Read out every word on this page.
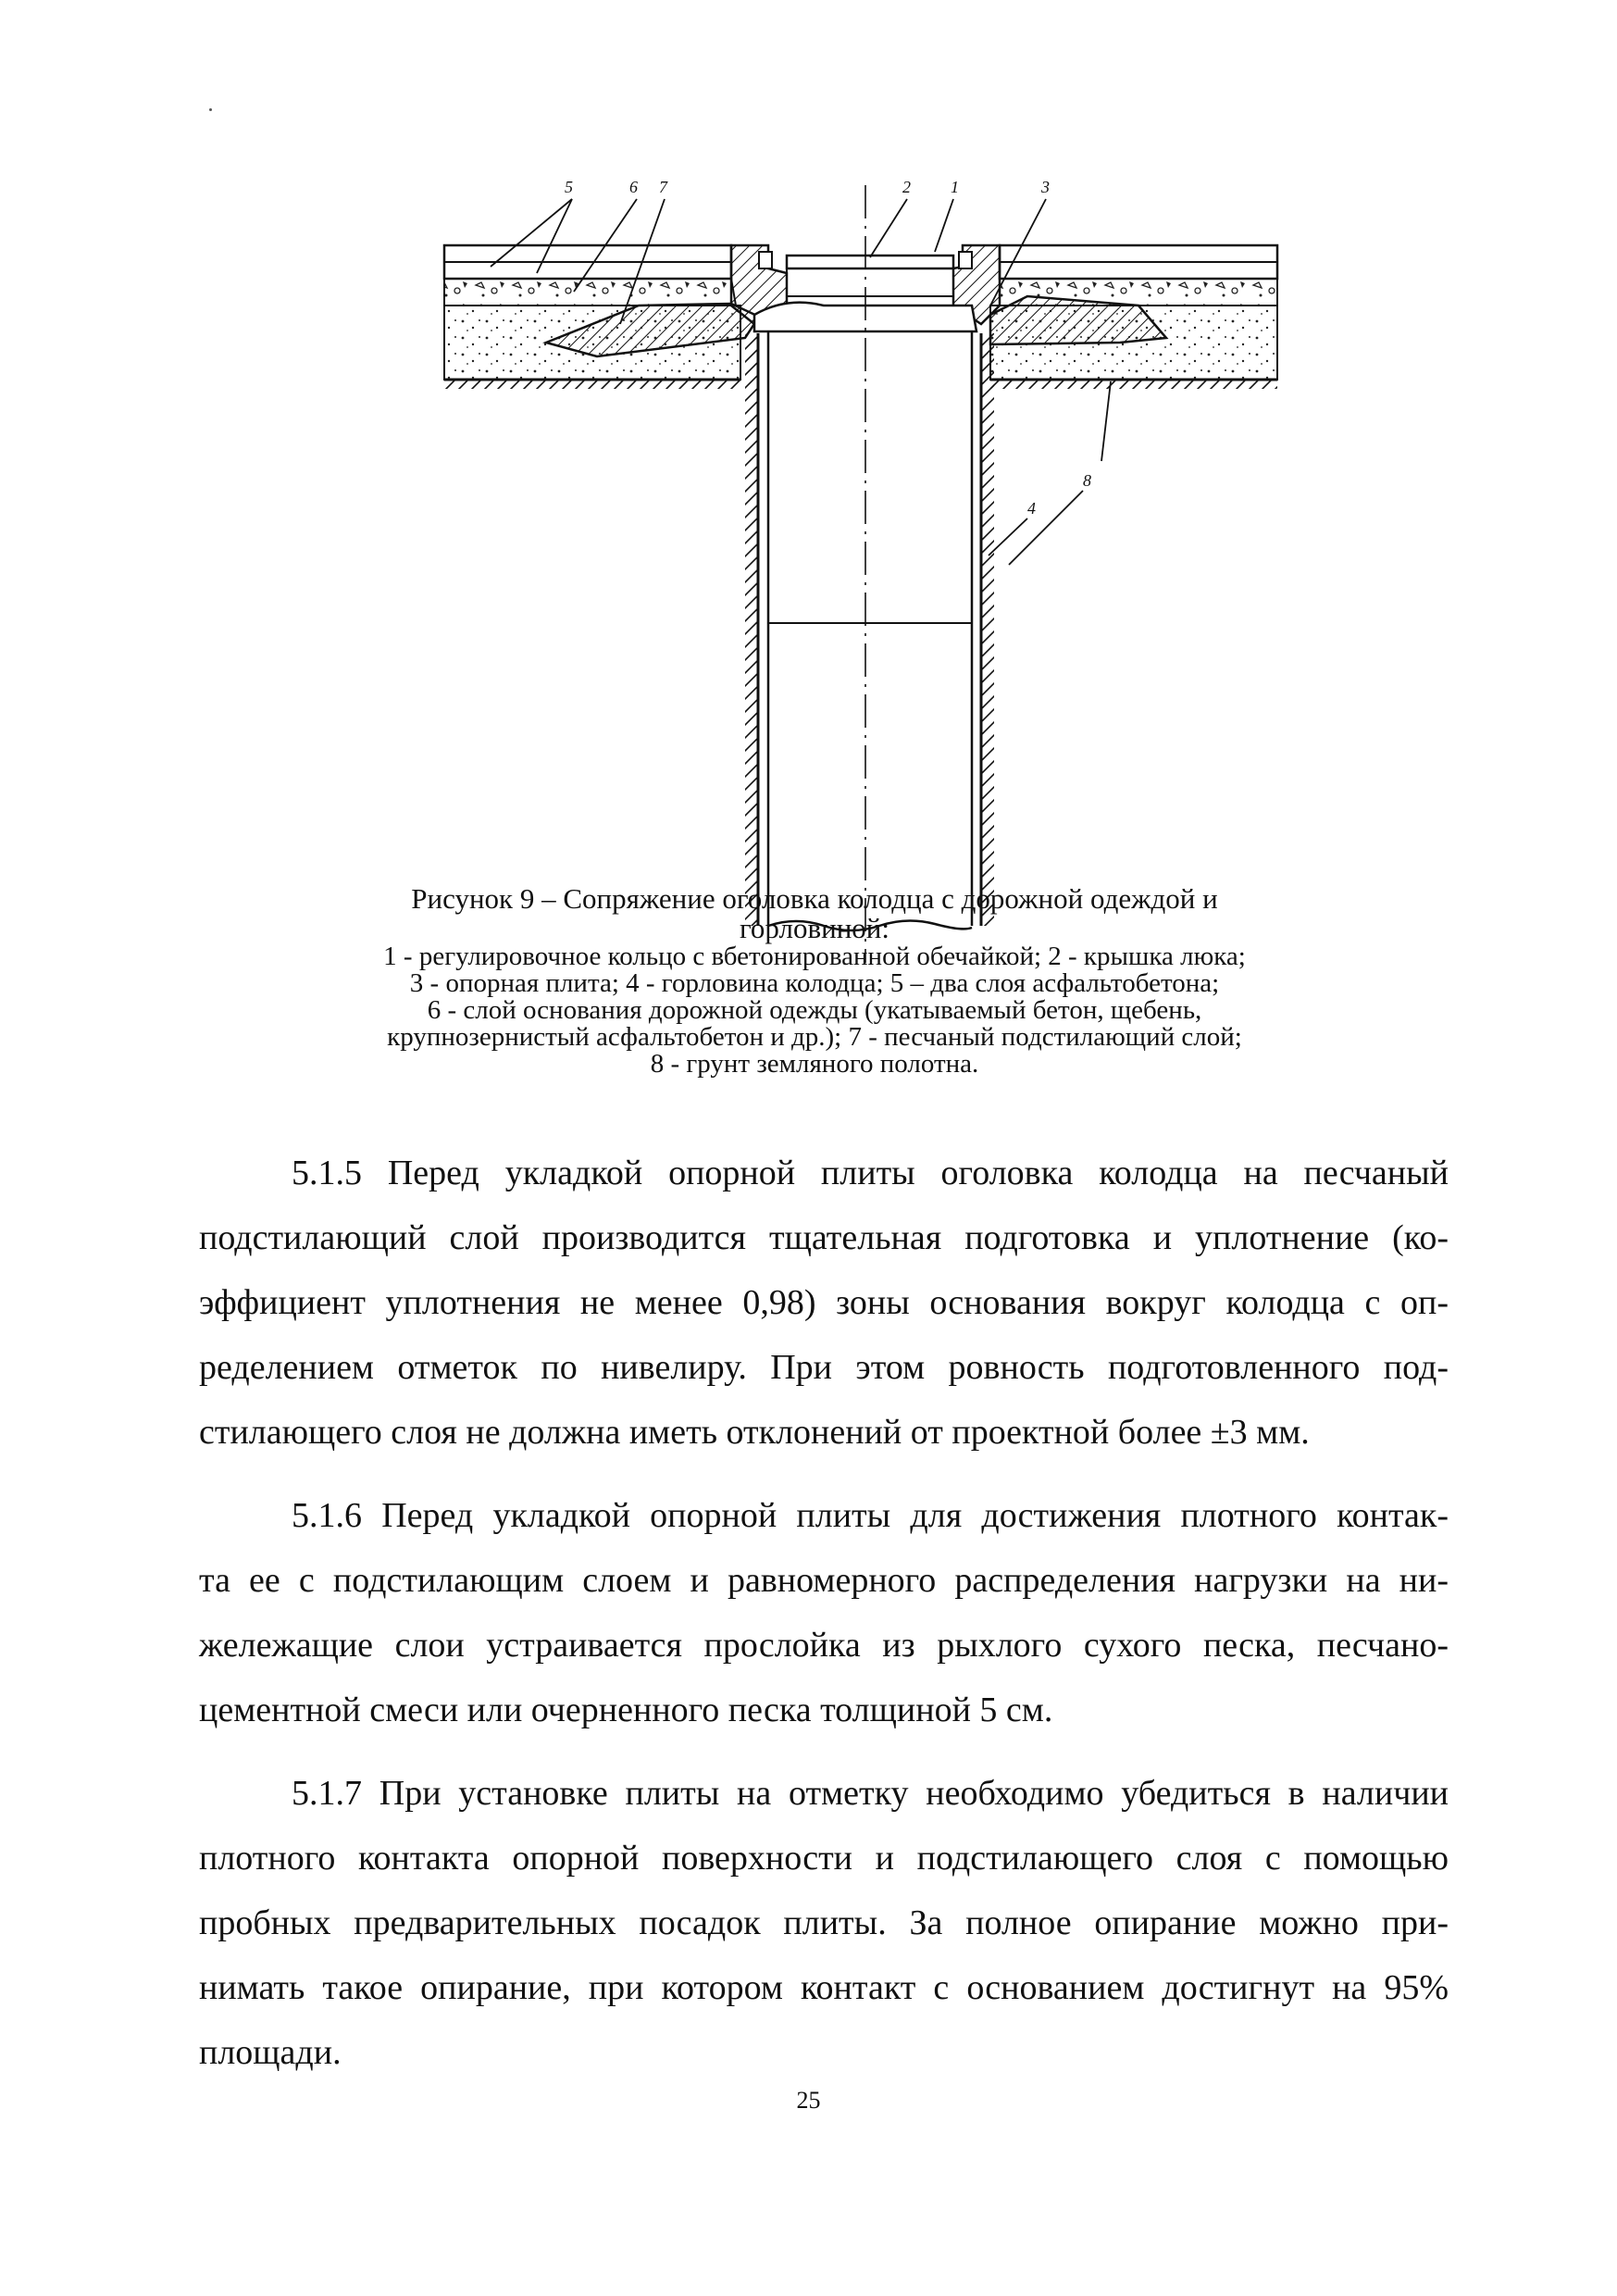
5	6 7	2 1	3
4
8
Рисунок 9 – Сопряжение оголовка колодца с дорожной одеждой и
горловиной:
1 - регулировочное кольцо с вбетонированной обечайкой; 2 - крышка люка;
3 - опорная плита; 4 - горловина колодца; 5 – два слоя асфальтобетона;
6 - слой основания дорожной одежды (укатываемый бетон, щебень,
крупнозернистый асфальтобетон и др.); 7 - песчаный подстилающий слой;
8 - грунт земляного полотна.
5.1.5 Перед укладкой опорной плиты оголовка колодца на песчаный
подстилающий слой производится тщательная подготовка и уплотнение (ко-
эффициент уплотнения не менее 0,98) зоны основания вокруг колодца с оп-
ределением отметок по нивелиру. При этом ровность подготовленного под-
стилающего слоя не должна иметь отклонений от проектной более ±3 мм.
5.1.6 Перед укладкой опорной плиты для достижения плотного контак-
та ее с подстилающим слоем и равномерного распределения нагрузки на ни-
жележащие слои устраивается прослойка из рыхлого сухого песка, песчано-
цементной смеси или очерненного песка толщиной 5 см.
5.1.7 При установке плиты на отметку необходимо убедиться в наличии
плотного контакта опорной поверхности и подстилающего слоя с помощью
пробных предварительных посадок плиты. За полное опирание можно при-
нимать такое опирание, при котором контакт с основанием достигнут на 95%
площади.
25
